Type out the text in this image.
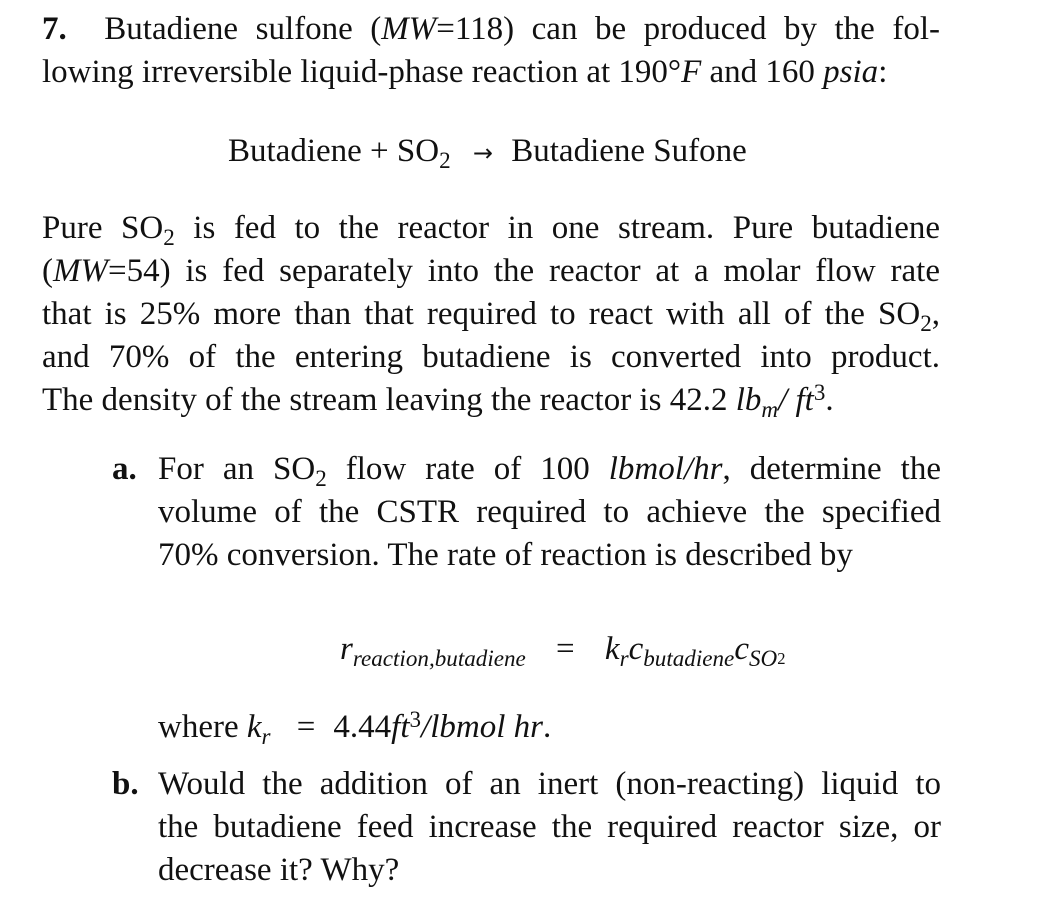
7. Butadiene sulfone (MW=118) can be produced by the fol-
lowing irreversible liquid-phase reaction at 190°F and 160 psia:
Butadiene + $SO_2$ → Butadiene Sufone
Pure $SO_2$ is fed to the reactor in one stream. Pure butadiene
(MW=54) is fed separately into the reactor at a molar flow rate
that is 25% more than that required to react with all of the $SO_2$,
and 70% of the entering butadiene is converted into product.
The density of the stream leaving the reactor is 42.2 $lb_m/$ $ft^3$.
a. For an $SO_2$ flow rate of 100 lbmol/hr, determine the
volume of the CSTR required to achieve the specified
70% conversion. The rate of reaction is described by
$r_{reaction,butadiene} = k_rc_{butadiene}c_{SO}2$
where $k_r$ = $4.44ft^3$/lbmol hr.
b. Would the addition of an inert (non-reacting) liquid to
the butadiene feed increase the required reactor size, or
decrease it? Why?
